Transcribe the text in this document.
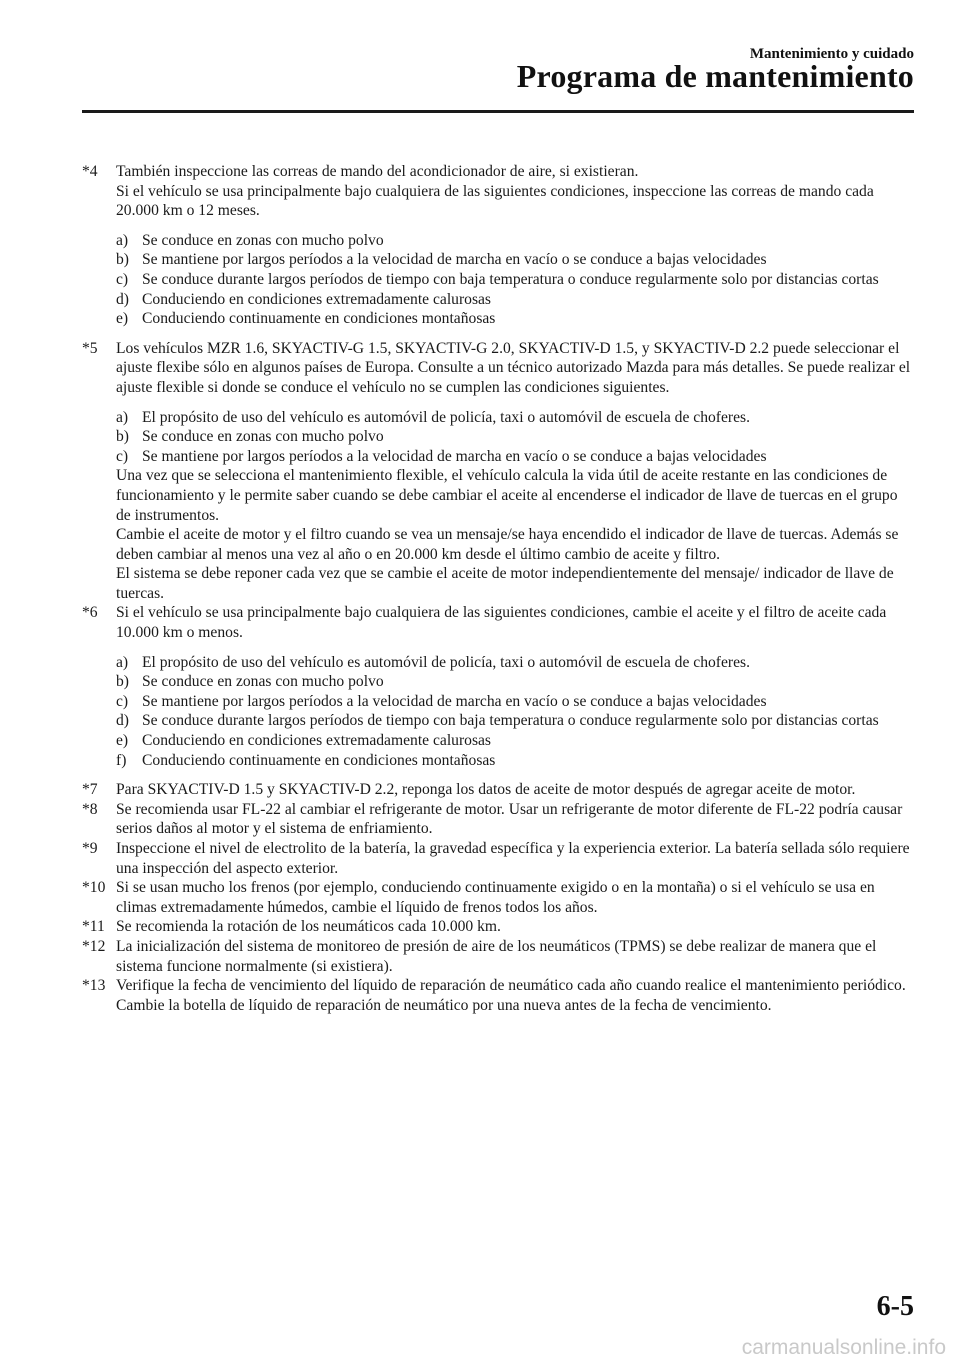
Mantenimiento y cuidado
Programa de mantenimiento
*4	También inspeccione las correas de mando del acondicionador de aire, si existieran.

Si el vehículo se usa principalmente bajo cualquiera de las siguientes condiciones, inspeccione las correas de mando cada 20.000 km o 12 meses.

a) Se conduce en zonas con mucho polvo
b) Se mantiene por largos períodos a la velocidad de marcha en vacío o se conduce a bajas velocidades
c) Se conduce durante largos períodos de tiempo con baja temperatura o conduce regularmente solo por distancias cortas
d) Conduciendo en condiciones extremadamente calurosas
e) Conduciendo continuamente en condiciones montañosas
*5	Los vehículos MZR 1.6, SKYACTIV-G 1.5, SKYACTIV-G 2.0, SKYACTIV-D 1.5, y SKYACTIV-D 2.2 puede seleccionar el ajuste flexibe sólo en algunos países de Europa. Consulte a un técnico autorizado Mazda para más detalles. Se puede realizar el ajuste flexible si donde se conduce el vehículo no se cumplen las condiciones siguientes.

a) El propósito de uso del vehículo es automóvil de policía, taxi o automóvil de escuela de choferes.
b) Se conduce en zonas con mucho polvo
c) Se mantiene por largos períodos a la velocidad de marcha en vacío o se conduce a bajas velocidades

Una vez que se selecciona el mantenimiento flexible, el vehículo calcula la vida útil de aceite restante en las condiciones de funcionamiento y le permite saber cuando se debe cambiar el aceite al encenderse el indicador de llave de tuercas en el grupo de instrumentos.

Cambie el aceite de motor y el filtro cuando se vea un mensaje/se haya encendido el indicador de llave de tuercas. Además se deben cambiar al menos una vez al año o en 20.000 km desde el último cambio de aceite y filtro.

El sistema se debe reponer cada vez que se cambie el aceite de motor independientemente del mensaje/ indicador de llave de tuercas.

*6	Si el vehículo se usa principalmente bajo cualquiera de las siguientes condiciones, cambie el aceite y el filtro de aceite cada 10.000 km o menos.

a) El propósito de uso del vehículo es automóvil de policía, taxi o automóvil de escuela de choferes.
b) Se conduce en zonas con mucho polvo
c) Se mantiene por largos períodos a la velocidad de marcha en vacío o se conduce a bajas velocidades
d) Se conduce durante largos períodos de tiempo con baja temperatura o conduce regularmente solo por distancias cortas
e) Conduciendo en condiciones extremadamente calurosas
f)	Conduciendo continuamente en condiciones montañosas
*7	Para SKYACTIV-D 1.5 y SKYACTIV-D 2.2, reponga los datos de aceite de motor después de agregar aceite de motor.

*8	Se recomienda usar FL-22 al cambiar el refrigerante de motor. Usar un refrigerante de motor diferente de FL-22 podría causar serios daños al motor y el sistema de enfriamiento.

*9	Inspeccione el nivel de electrolito de la batería, la gravedad específica y la experiencia exterior. La batería sellada sólo requiere una inspección del aspecto exterior.

*10 Si se usan mucho los frenos (por ejemplo, conduciendo continuamente exigido o en la montaña) o si el vehículo se usa en climas extremadamente húmedos, cambie el líquido de frenos todos los años.

*11 Se recomienda la rotación de los neumáticos cada 10.000 km.

*12 La inicialización del sistema de monitoreo de presión de aire de los neumáticos (TPMS) se debe realizar de manera que el sistema funcione normalmente (si existiera).

*13 Verifique la fecha de vencimiento del líquido de reparación de neumático cada año cuando realice el mantenimiento periódico. Cambie la botella de líquido de reparación de neumático por una nueva antes de la fecha de vencimiento.

6-5
carmanualsonline.info
